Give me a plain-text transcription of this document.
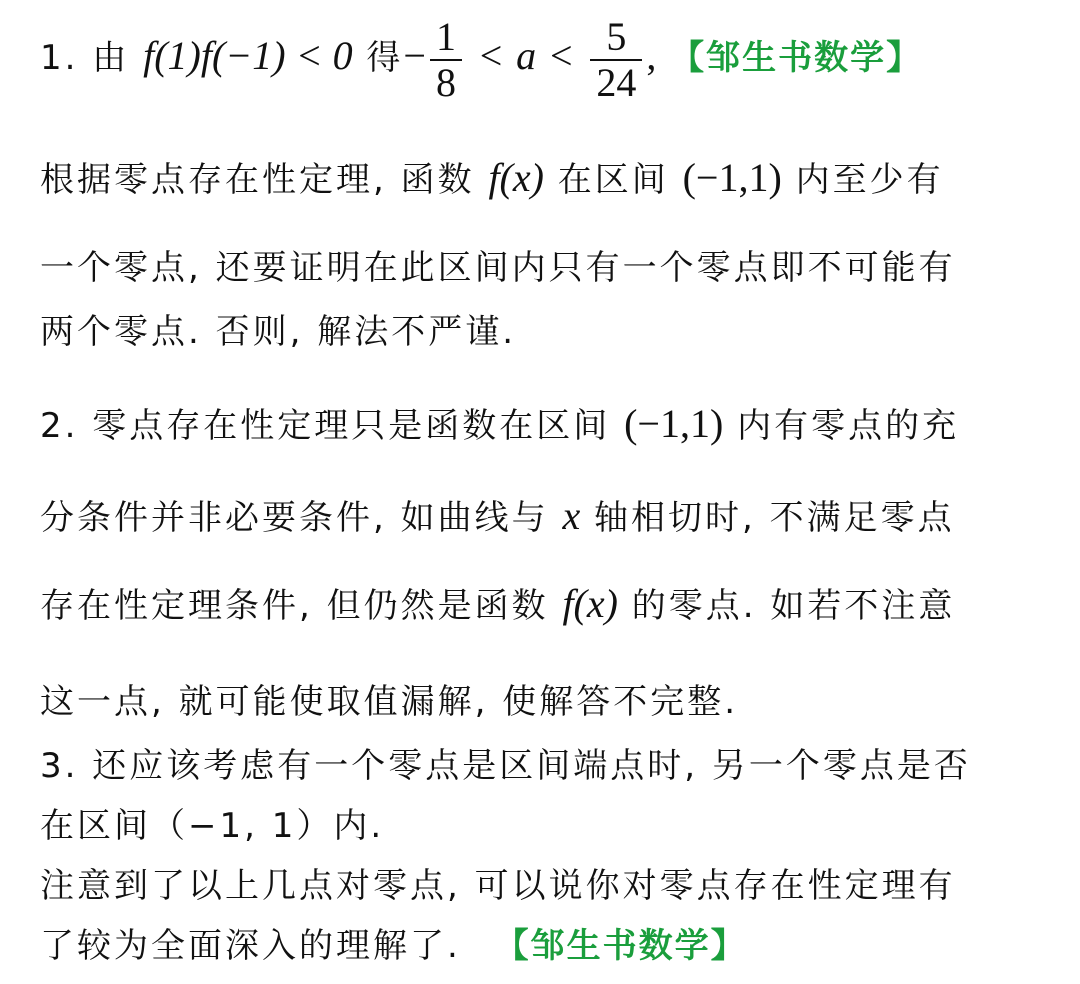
1. 由 f(1)f(−1) < 0 得− $\frac{1}{8} < a < \frac{5}{24}$ , 【邹生书数学】
根据零点存在性定理, 函数 f(x) 在区间 (−1,1) 内至少有
一个零点, 还要证明在此区间内只有一个零点即不可能有
两个零点. 否则, 解法不严谨.
2. 零点存在性定理只是函数在区间 (−1,1) 内有零点的充
分条件并非必要条件, 如曲线与 x 轴相切时, 不满足零点
存在性定理条件, 但仍然是函数 f(x) 的零点. 如若不注意
这一点, 就可能使取值漏解, 使解答不完整.
3. 还应该考虑有一个零点是区间端点时, 另一个零点是否
在区间（−1, 1）内.
注意到了以上几点对零点, 可以说你对零点存在性定理有
了较为全面深入的理解了. 【邹生书数学】
